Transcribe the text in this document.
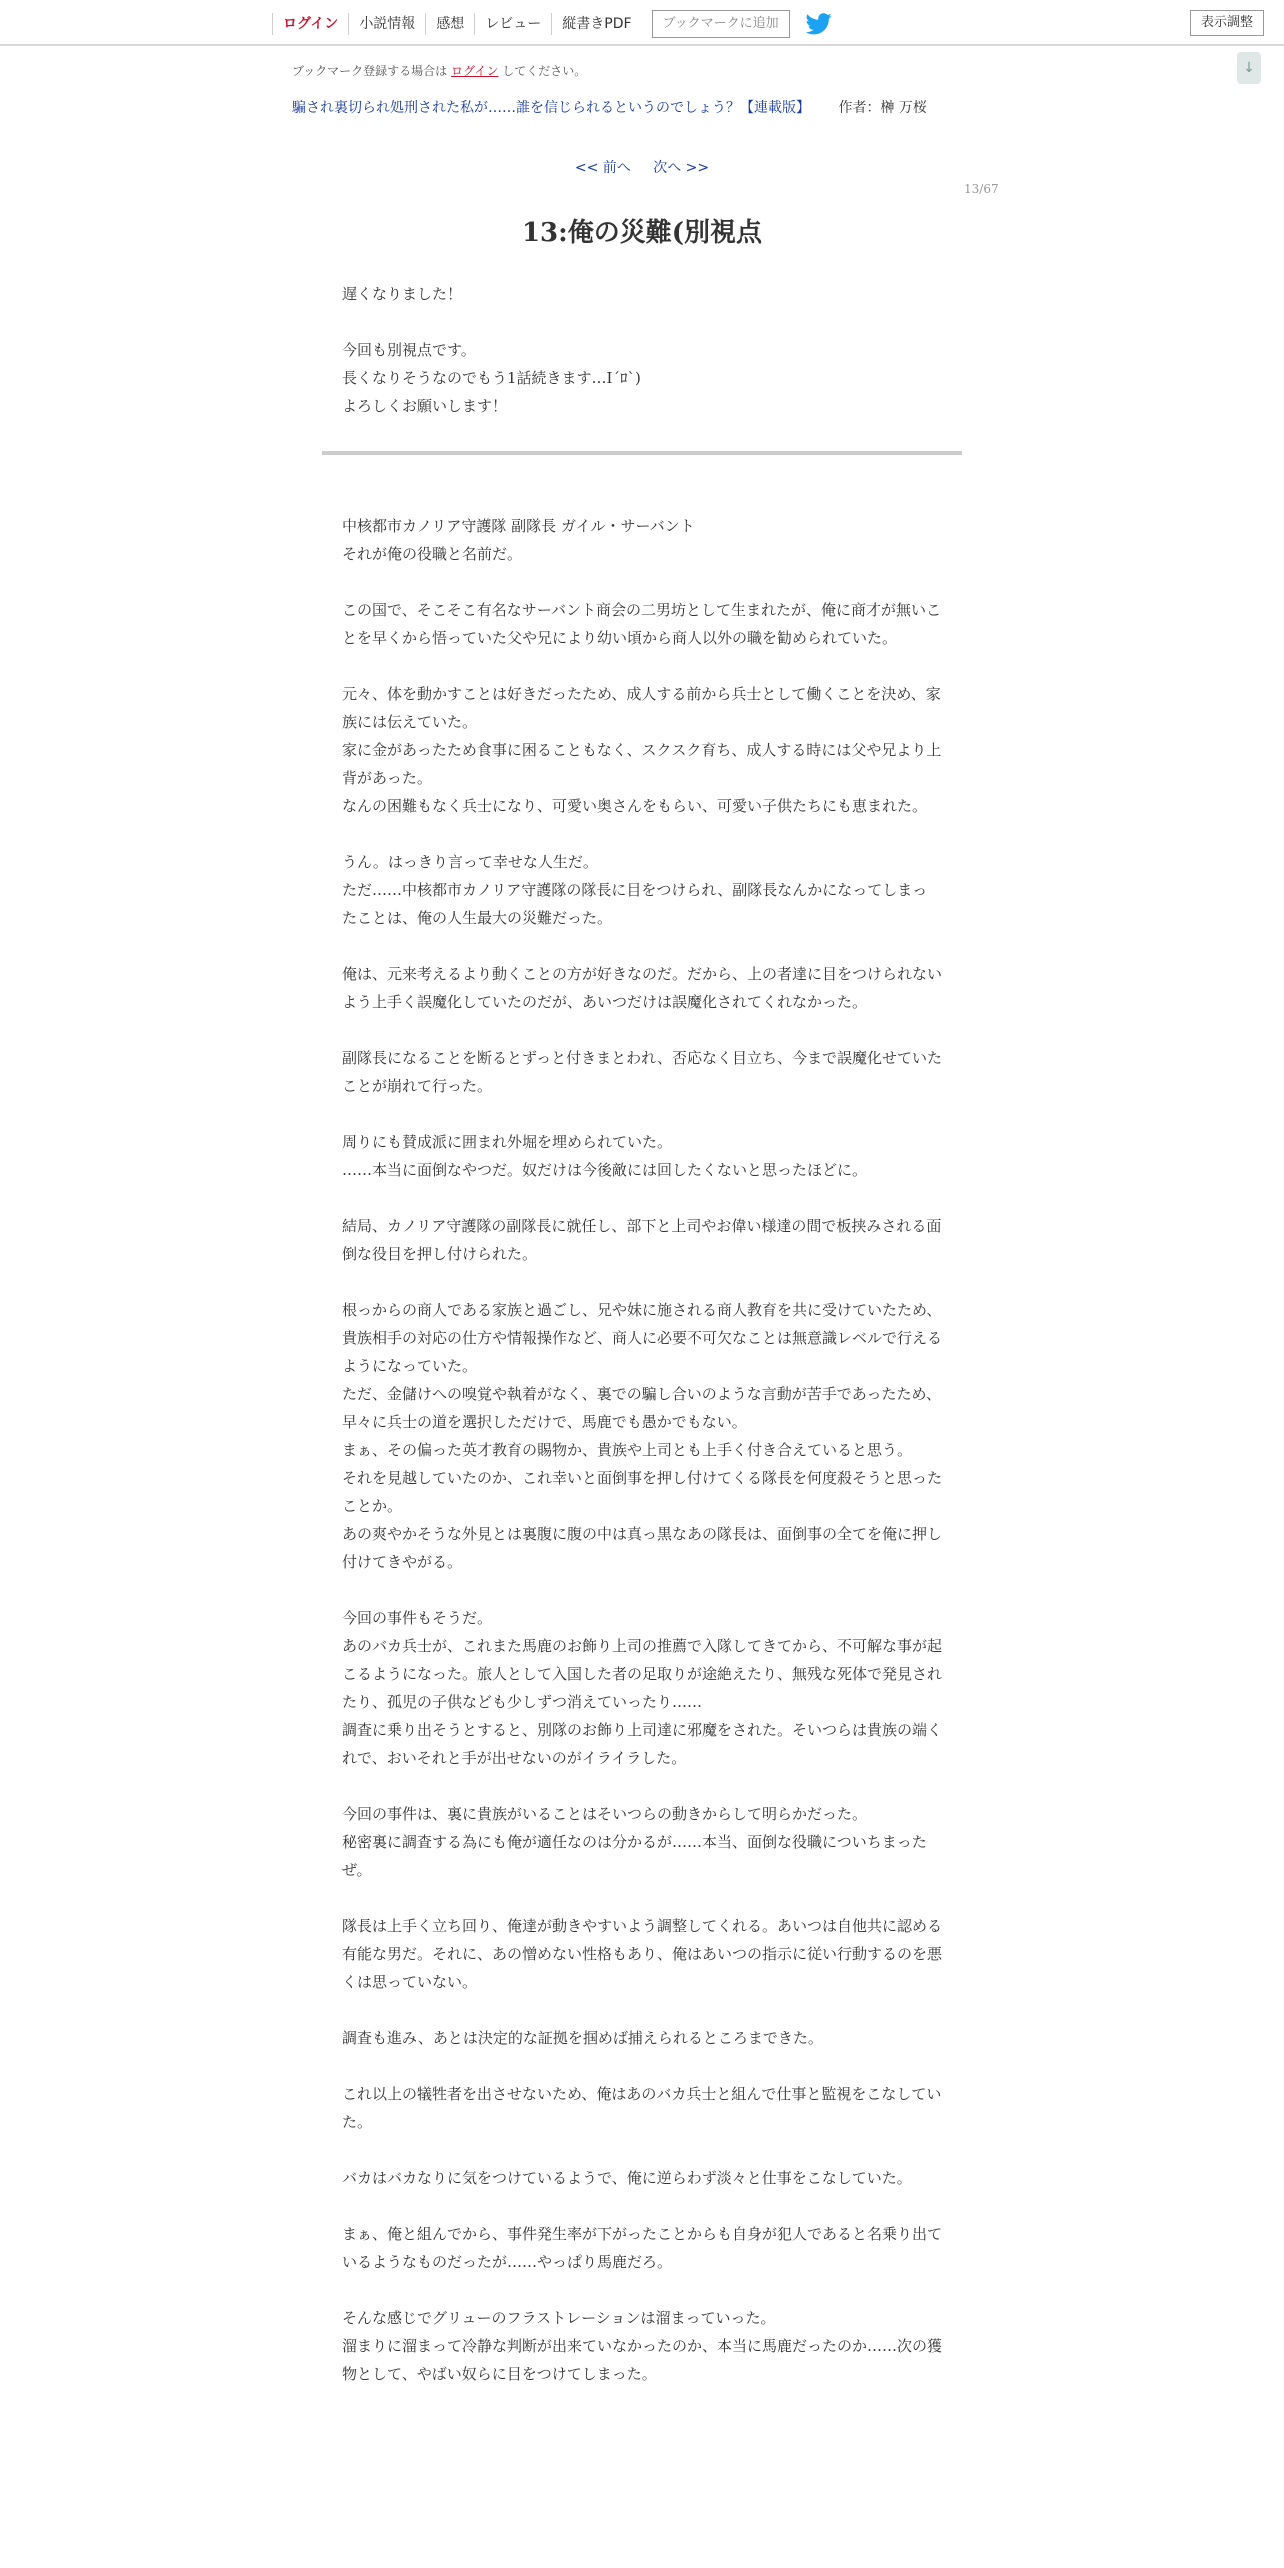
ログイン	小説情報	感想	レビュー	縦書きPDF	ブックマークに追加	表示調整
↓
ブックマーク登録する場合は ログイン してください。
騙され裏切られ処刑された私が……誰を信じられるというのでしょう？【連載版】 作者：榊 万桜
<< 前へ 次へ >>
13/67
13:俺の災難(別視点

遅くなりました！

今回も別視点です。

長くなりそうなのでもう1話続きます…I´ﾛ`)

よろしくお願いします！

中核都市カノリア守護隊 副隊長 ガイル・サーバント

それが俺の役職と名前だ。

この国で、そこそこ有名なサーバント商会の二男坊として生まれたが、俺に商才が無いことを早くから悟っていた父や兄により幼い頃から商人以外の職を勧められていた。

元々、体を動かすことは好きだったため、成人する前から兵士として働くことを決め、家族には伝えていた。

家に金があったため食事に困ることもなく、スクスク育ち、成人する時には父や兄より上背があった。

なんの困難もなく兵士になり、可愛い奥さんをもらい、可愛い子供たちにも恵まれた。

うん。はっきり言って幸せな人生だ。

ただ……中核都市カノリア守護隊の隊長に目をつけられ、副隊長なんかになってしまったことは、俺の人生最大の災難だった。

俺は、元来考えるより動くことの方が好きなのだ。だから、上の者達に目をつけられないよう上手く誤魔化していたのだが、あいつだけは誤魔化されてくれなかった。

副隊長になることを断るとずっと付きまとわれ、否応なく目立ち、今まで誤魔化せていたことが崩れて行った。

周りにも賛成派に囲まれ外堀を埋められていた。

……本当に面倒なやつだ。奴だけは今後敵には回したくないと思ったほどに。

結局、カノリア守護隊の副隊長に就任し、部下と上司やお偉い様達の間で板挟みされる面倒な役目を押し付けられた。

根っからの商人である家族と過ごし、兄や妹に施される商人教育を共に受けていたため、貴族相手の対応の仕方や情報操作など、商人に必要不可欠なことは無意識レベルで行えるようになっていた。

ただ、金儲けへの嗅覚や執着がなく、裏での騙し合いのような言動が苦手であったため、早々に兵士の道を選択しただけで、馬鹿でも愚かでもない。

まぁ、その偏った英才教育の賜物か、貴族や上司とも上手く付き合えていると思う。

それを見越していたのか、これ幸いと面倒事を押し付けてくる隊長を何度殺そうと思ったことか。

あの爽やかそうな外見とは裏腹に腹の中は真っ黒なあの隊長は、面倒事の全てを俺に押し付けてきやがる。

今回の事件もそうだ。

あのバカ兵士が、これまた馬鹿のお飾り上司の推薦で入隊してきてから、不可解な事が起こるようになった。旅人として入国した者の足取りが途絶えたり、無残な死体で発見されたり、孤児の子供なども少しずつ消えていったり……

調査に乗り出そうとすると、別隊のお飾り上司達に邪魔をされた。そいつらは貴族の端くれで、おいそれと手が出せないのがイライラした。

今回の事件は、裏に貴族がいることはそいつらの動きからして明らかだった。

秘密裏に調査する為にも俺が適任なのは分かるが……本当、面倒な役職についちまったぜ。

隊長は上手く立ち回り、俺達が動きやすいよう調整してくれる。あいつは自他共に認める有能な男だ。それに、あの憎めない性格もあり、俺はあいつの指示に従い行動するのを悪くは思っていない。

調査も進み、あとは決定的な証拠を掴めば捕えられるところまできた。

これ以上の犠牲者を出させないため、俺はあのバカ兵士と組んで仕事と監視をこなしていた。

バカはバカなりに気をつけているようで、俺に逆らわず淡々と仕事をこなしていた。

まぁ、俺と組んでから、事件発生率が下がったことからも自身が犯人であると名乗り出ているようなものだったが……やっぱり馬鹿だろ。

そんな感じでグリューのフラストレーションは溜まっていった。

溜まりに溜まって冷静な判断が出来ていなかったのか、本当に馬鹿だったのか……次の獲物として、やばい奴らに目をつけてしまった。
